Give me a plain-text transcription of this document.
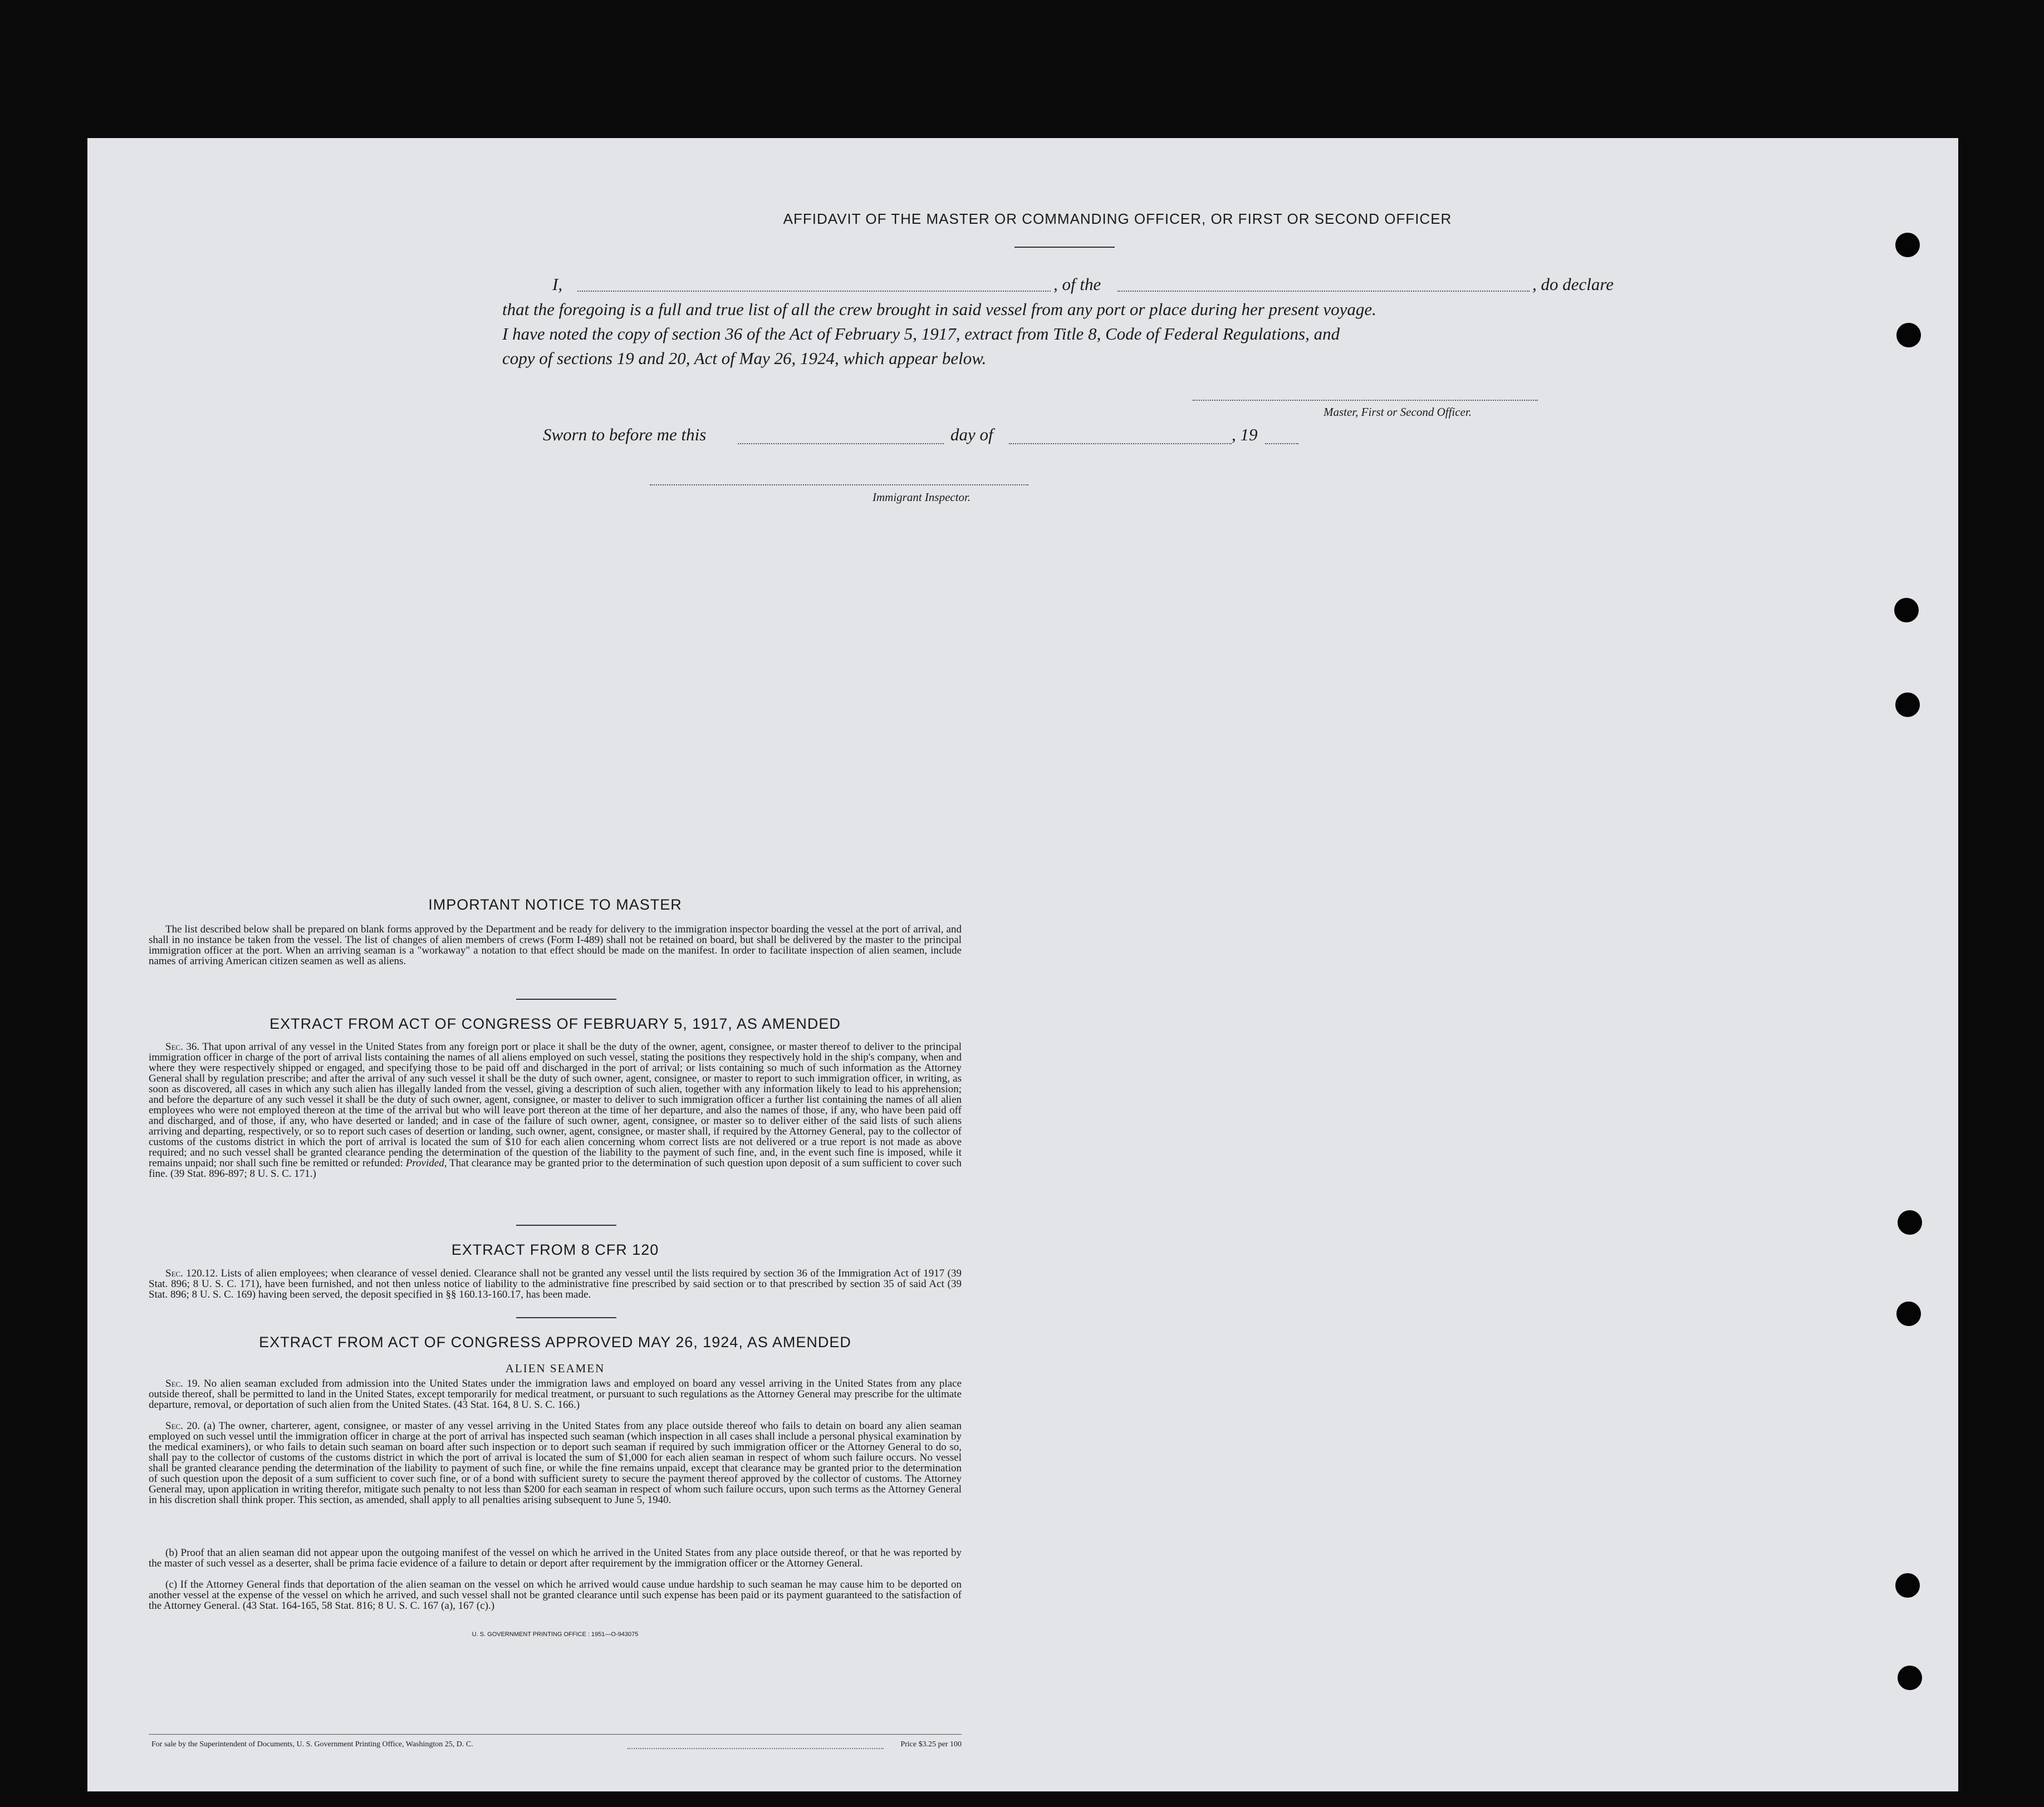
AFFIDAVIT OF THE MASTER OR COMMANDING OFFICER, OR FIRST OR SECOND OFFICER
I,	, of the	, do declare
that the foregoing is a full and true list of all the crew brought in said vessel from any port or place during her present voyage.
I have noted the copy of section 36 of the Act of February 5, 1917, extract from Title 8, Code of Federal Regulations, and
copy of sections 19 and 20, Act of May 26, 1924, which appear below.
Master, First or Second Officer.
Sworn to before me this	day of	, 19
Immigrant Inspector.
IMPORTANT NOTICE TO MASTER
The list described below shall be prepared on blank forms approved by the Department and be ready for delivery to the immigration inspector boarding the vessel at the port of arrival, and shall in no instance be taken from the vessel. The list of changes of alien members of crews (Form I-489) shall not be retained on board, but shall be delivered by the master to the principal immigration officer at the port. When an arriving seaman is a "workaway" a notation to that effect should be made on the manifest. In order to facilitate inspection of alien seamen, include names of arriving American citizen seamen as well as aliens.
EXTRACT FROM ACT OF CONGRESS OF FEBRUARY 5, 1917, AS AMENDED
Sec. 36. That upon arrival of any vessel in the United States from any foreign port or place it shall be the duty of the owner, agent, consignee, or master thereof to deliver to the principal immigration officer in charge of the port of arrival lists containing the names of all aliens employed on such vessel, stating the positions they respectively hold in the ship's company, when and where they were respectively shipped or engaged, and specifying those to be paid off and discharged in the port of arrival; or lists containing so much of such information as the Attorney General shall by regulation prescribe; and after the arrival of any such vessel it shall be the duty of such owner, agent, consignee, or master to report to such immigration officer, in writing, as soon as discovered, all cases in which any such alien has illegally landed from the vessel, giving a description of such alien, together with any information likely to lead to his apprehension; and before the departure of any such vessel it shall be the duty of such owner, agent, consignee, or master to deliver to such immigration officer a further list containing the names of all alien employees who were not employed thereon at the time of the arrival but who will leave port thereon at the time of her departure, and also the names of those, if any, who have been paid off and discharged, and of those, if any, who have deserted or landed; and in case of the failure of such owner, agent, consignee, or master so to deliver either of the said lists of such aliens arriving and departing, respectively, or so to report such cases of desertion or landing, such owner, agent, consignee, or master shall, if required by the Attorney General, pay to the collector of customs of the customs district in which the port of arrival is located the sum of $10 for each alien concerning whom correct lists are not delivered or a true report is not made as above required; and no such vessel shall be granted clearance pending the determination of the question of the liability to the payment of such fine, and, in the event such fine is imposed, while it remains unpaid; nor shall such fine be remitted or refunded: Provided, That clearance may be granted prior to the determination of such question upon deposit of a sum sufficient to cover such fine. (39 Stat. 896-897; 8 U. S. C. 171.)
EXTRACT FROM 8 CFR 120
Sec. 120.12. Lists of alien employees; when clearance of vessel denied. Clearance shall not be granted any vessel until the lists required by section 36 of the Immigration Act of 1917 (39 Stat. 896; 8 U. S. C. 171), have been furnished, and not then unless notice of liability to the administrative fine prescribed by said section or to that prescribed by section 35 of said Act (39 Stat. 896; 8 U. S. C. 169) having been served, the deposit specified in §§ 160.13-160.17, has been made.
EXTRACT FROM ACT OF CONGRESS APPROVED MAY 26, 1924, AS AMENDED
ALIEN SEAMEN
Sec. 19. No alien seaman excluded from admission into the United States under the immigration laws and employed on board any vessel arriving in the United States from any place outside thereof, shall be permitted to land in the United States, except temporarily for medical treatment, or pursuant to such regulations as the Attorney General may prescribe for the ultimate departure, removal, or deportation of such alien from the United States. (43 Stat. 164, 8 U. S. C. 166.)
Sec. 20. (a) The owner, charterer, agent, consignee, or master of any vessel arriving in the United States from any place outside thereof who fails to detain on board any alien seaman employed on such vessel until the immigration officer in charge at the port of arrival has inspected such seaman (which inspection in all cases shall include a personal physical examination by the medical examiners), or who fails to detain such seaman on board after such inspection or to deport such seaman if required by such immigration officer or the Attorney General to do so, shall pay to the collector of customs of the customs district in which the port of arrival is located the sum of $1,000 for each alien seaman in respect of whom such failure occurs. No vessel shall be granted clearance pending the determination of the liability to payment of such fine, or while the fine remains unpaid, except that clearance may be granted prior to the determination of such question upon the deposit of a sum sufficient to cover such fine, or of a bond with sufficient surety to secure the payment thereof approved by the collector of customs. The Attorney General may, upon application in writing therefor, mitigate such penalty to not less than $200 for each seaman in respect of whom such failure occurs, upon such terms as the Attorney General in his discretion shall think proper. This section, as amended, shall apply to all penalties arising subsequent to June 5, 1940.
(b) Proof that an alien seaman did not appear upon the outgoing manifest of the vessel on which he arrived in the United States from any place outside thereof, or that he was reported by the master of such vessel as a deserter, shall be prima facie evidence of a failure to detain or deport after requirement by the immigration officer or the Attorney General.
(c) If the Attorney General finds that deportation of the alien seaman on the vessel on which he arrived would cause undue hardship to such seaman he may cause him to be deported on another vessel at the expense of the vessel on which he arrived, and such vessel shall not be granted clearance until such expense has been paid or its payment guaranteed to the satisfaction of the Attorney General. (43 Stat. 164-165, 58 Stat. 816; 8 U. S. C. 167 (a), 167 (c).)
U. S. GOVERNMENT PRINTING OFFICE : 1951—O-943075
For sale by the Superintendent of Documents, U. S. Government Printing Office, Washington 25, D. C.	Price $3.25 per 100
